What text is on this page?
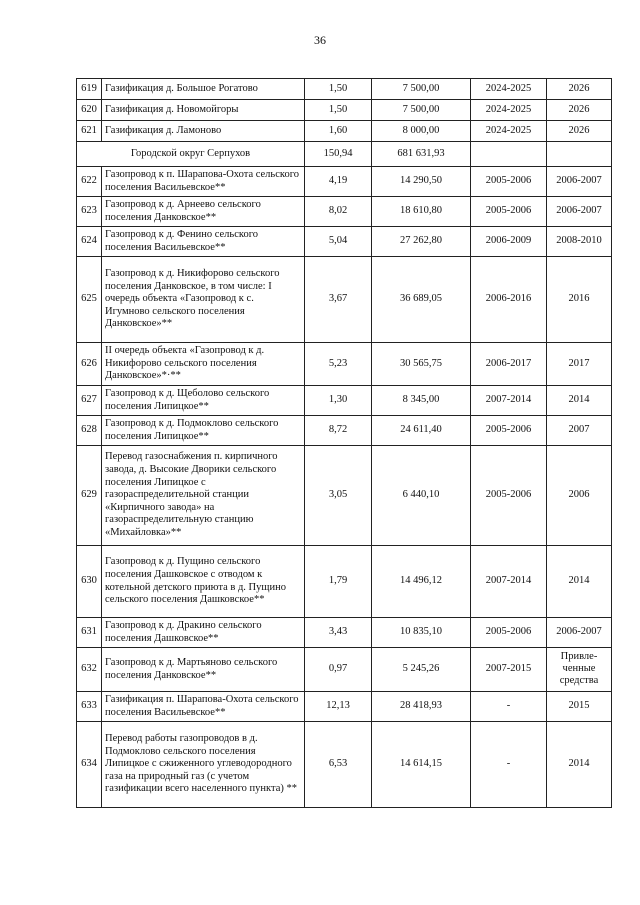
36
619	Газификация д. Большое Рогатово	1,50	7 500,00	2024-2025	2026
620	Газификация д. Новомойгоры	1,50	7 500,00	2024-2025	2026
621	Газификация д. Ламоново	1,60	8 000,00	2024-2025	2026
Городской округ Серпухов		150,94	681 631,93		
622	Газопровод к п. Шарапова-Охота сельского поселения Васильевское**	4,19	14 290,50	2005-2006	2006-2007
623	Газопровод к д. Арнеево сельского поселения Данковское**	8,02	18 610,80	2005-2006	2006-2007
624	Газопровод к д. Фенино сельского поселения Васильевское**	5,04	27 262,80	2006-2009	2008-2010
625	Газопровод к д. Никифорово сельского поселения Данковское, в том числе: I очередь объекта «Газопровод к с. Игумново сельского поселения Данковское»**	3,67	36 689,05	2006-2016	2016
626	II очередь объекта «Газопровод к д. Никифорово сельского поселения Данковское»*·**	5,23	30 565,75	2006-2017	2017
627	Газопровод к д. Щеболово сельского поселения Липицкое**	1,30	8 345,00	2007-2014	2014
628	Газопровод к д. Подмоклово сельского поселения Липицкое**	8,72	24 611,40	2005-2006	2007
629	Перевод газоснабжения п. кирпичного завода, д. Высокие Дворики сельского поселения Липицкое с газораспределительной станции «Кирпичного завода» на газораспределительную станцию «Михайловка»**	3,05	6 440,10	2005-2006	2006
630	Газопровод к д. Пущино сельского поселения Дашковское с отводом к котельной детского приюта в д. Пущино сельского поселения Дашковское**	1,79	14 496,12	2007-2014	2014
631	Газопровод к д. Дракино сельского поселения Дашковское**	3,43	10 835,10	2005-2006	2006-2007
632	Газопровод к д. Мартьяново сельского поселения Данковское**	0,97	5 245,26	2007-2015	Привле-ченные средства
633	Газификация п. Шарапова-Охота сельского поселения Васильевское**	12,13	28 418,93	-	2015
634	Перевод работы газопроводов в д. Подмоклово сельского поселения Липицкое с сжиженного углеводородного газа на природный газ (с учетом газификации всего населенного пункта) **	6,53	14 614,15	-	2014
